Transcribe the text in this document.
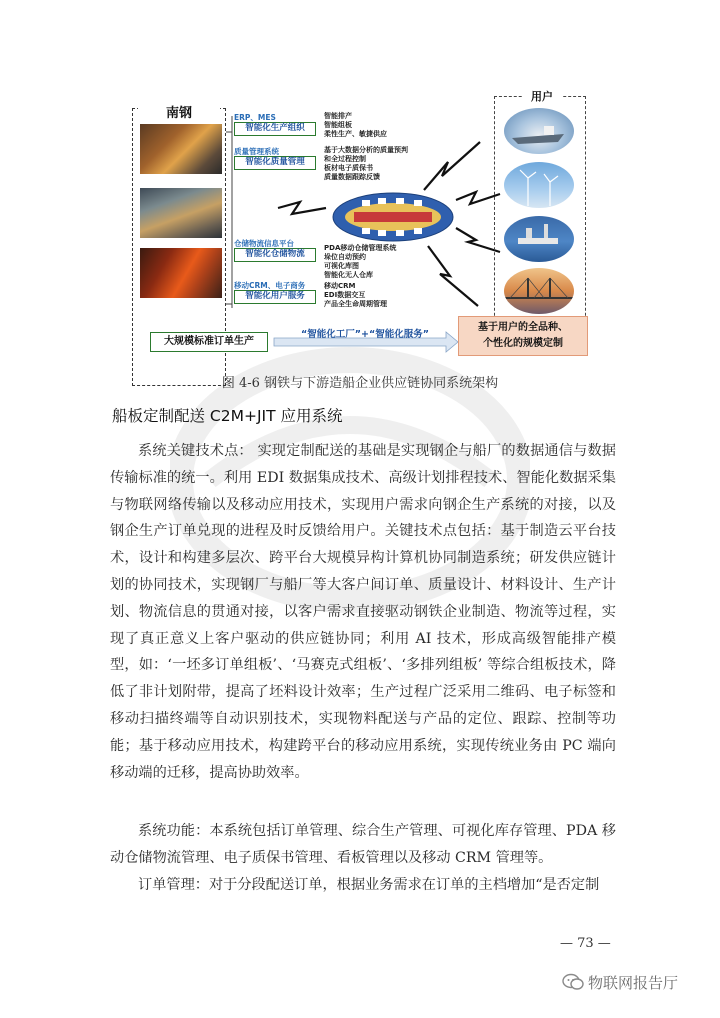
南钢	ERP、MES
智能化生产组织
质量管理系统
智能化质量管理
仓储物流信息平台
智能化仓储物流
移动CRM、电子商务
智能化用户服务
智能排产
智能组板
柔性生产、敏捷供应
基于大数据分析的质量预判
和全过程控制
板材电子质保书
质量数据跟踪反馈
PDA移动仓储管理系统
垛位自动预约
可视化库图
智能化无人仓库
移动CRM
EDI数据交互
产品全生命周期管理
用户
大规模标准订单生产
“智能化工厂”+“智能化服务”
基于用户的全品种、
个性化的规模定制
图 4-6 钢铁与下游造船企业供应链协同系统架构
船板定制配送 C2M+JIT 应用系统

系统关键技术点： 实现定制配送的基础是实现钢企与船厂的数据通信与数据传输标准的统一。利用 EDI 数据集成技术、高级计划排程技术、智能化数据采集与物联网络传输以及移动应用技术，实现用户需求向钢企生产系统的对接，以及钢企生产订单兑现的进程及时反馈给用户。关键技术点包括：基于制造云平台技术，设计和构建多层次、跨平台大规模异构计算机协同制造系统；研发供应链计划的协同技术，实现钢厂与船厂等大客户间订单、质量设计、材料设计、生产计划、物流信息的贯通对接，以客户需求直接驱动钢铁企业制造、物流等过程，实现了真正意义上客户驱动的供应链协同；利用 AI 技术，形成高级智能排产模型，如：‘一坯多订单组板’、‘马赛克式组板’、‘多排列组板’ 等综合组板技术，降低了非计划附带，提高了坯料设计效率；生产过程广泛采用二维码、电子标签和移动扫描终端等自动识别技术，实现物料配送与产品的定位、跟踪、控制等功能；基于移动应用技术，构建跨平台的移动应用系统，实现传统业务由 PC 端向移动端的迁移，提高协助效率。

系统功能：本系统包括订单管理、综合生产管理、可视化库存管理、PDA 移动仓储物流管理、电子质保书管理、看板管理以及移动 CRM 管理等。

订单管理：对于分段配送订单，根据业务需求在订单的主档增加“是否定制

— 73 —
物联网报告厅
